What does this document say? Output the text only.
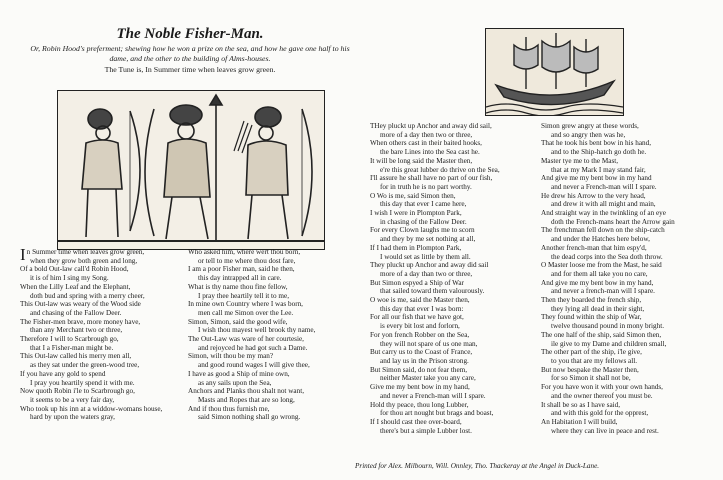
The Noble Fisher-Man.
Or, Robin Hood's preferment; shewing how he won a prize on the sea, and how he gave one half to his dame, and the other to the building of Alms-houses.
The Tune is, In Summer time when leaves grow green.
In Summer time when leaves grow green,
when they grow both green and long,
Of a bold Out-law call'd Robin Hood,
it is of him I sing my Song.
When the Lilly Leaf and the Elephant,
doth bud and spring with a merry cheer,
This Out-law was weary of the Wood side
and chasing of the Fallow Deer.
The Fisher-men brave, more money have,
than any Merchant two or three,
Therefore I will to Scarbrough go,
that I a Fisher-man might be.
This Out-law called his merry men all,
as they sat under the green-wood tree,
If you have any gold to spend
I pray you heartily spend it with me.
Now quoth Robin i'le to Scarbrough go,
it seems to be a very fair day,
Who took up his inn at a widdow-womans house,
hard by upon the waters gray,
Who asked him, where wert thou born,
or tell to me where thou dost fare,
I am a poor Fisher man, said he then,
this day intrapped all in care.
What is thy name thou fine fellow,
I pray thee heartily tell it to me,
In mine own Country where I was born,
men call me Simon over the Lee.
Simon, Simon, said the good wife,
I wish thou mayest well brook thy name,
The Out-Law was ware of her courtesie,
and rejoyced he had got such a Dame.
Simon, wilt thou be my man?
and good round wages I will give thee,
I have as good a Ship of mine own,
as any sails upon the Sea,
Anchors and Planks thou shalt not want,
Masts and Ropes that are so long,
And if thou thus furnish me,
said Simon nothing shall go wrong.
THey pluckt up Anchor and away did sail,
more of a day then two or three,
When others cast in their baited hooks,
the bare Lines into the Sea cast he.
It will be long said the Master then,
e're this great lubber do thrive on the Sea,
I'll assure he shall have no part of our fish,
for in truth he is no part worthy.
O Wo is me, said Simon then,
this day that ever I came here,
I wish I were in Plompton Park,
in chasing of the Fallow Deer.
For every Clown laughs me to scorn
and they by me set nothing at all,
If I had them in Plompton Park,
I would set as little by them all.
They pluckt up Anchor and away did sail
more of a day than two or three,
But Simon espyed a Ship of War
that sailed toward them valourously.
O woe is me, said the Master then,
this day that ever I was born:
For all our fish that we have got,
is every bit lost and forlorn,
For yon french Robber on the Sea,
they will not spare of us one man,
But carry us to the Coast of France,
and lay us in the Prison strong.
But Simon said, do not fear them,
neither Master take you any care,
Give me my bent bow in my hand,
and never a French-man will I spare.
Hold thy peace, thou long Lubber,
for thou art nought but brags and boast,
If I should cast thee over-board,
there's but a simple Lubber lost.
Simon grew angry at these words,
and so angry then was he,
That he took his bent bow in his hand,
and to the Ship-hatch go doth he.
Master tye me to the Mast,
that at my Mark I may stand fair,
And give me my bent bow in my hand
and never a French-man will I spare.
He drew his Arrow to the very head,
and drew it with all might and main,
And straight way in the twinkling of an eye
doth the French-mans heart the Arrow gain
The frenchman fell down on the ship-catch
and under the Hatches here below,
Another french-man that him espy'd,
the dead corps into the Sea doth throw.
O Master loose me from the Mast, he said
and for them all take you no care,
And give me my bent bow in my hand,
and never a french-man will I spare.
Then they boarded the french ship,
they lying all dead in their sight,
They found within the ship of War,
twelve thousand pound in mony bright.
The one half of the ship, said Simon then,
ile give to my Dame and children small,
The other part of the ship, i'le give,
to you that are my fellows all.
But now bespake the Master then,
for so Simon it shall not be,
For you have won it with your own hands,
and the owner thereof you must be.
It shall be so as I have said,
and with this gold for the opprest,
An Habitation I will build,
where they can live in peace and rest.
Printed for Alex. Milbourn, Will. Onnley, Tho. Thackeray at the Angel in Duck-Lane.
